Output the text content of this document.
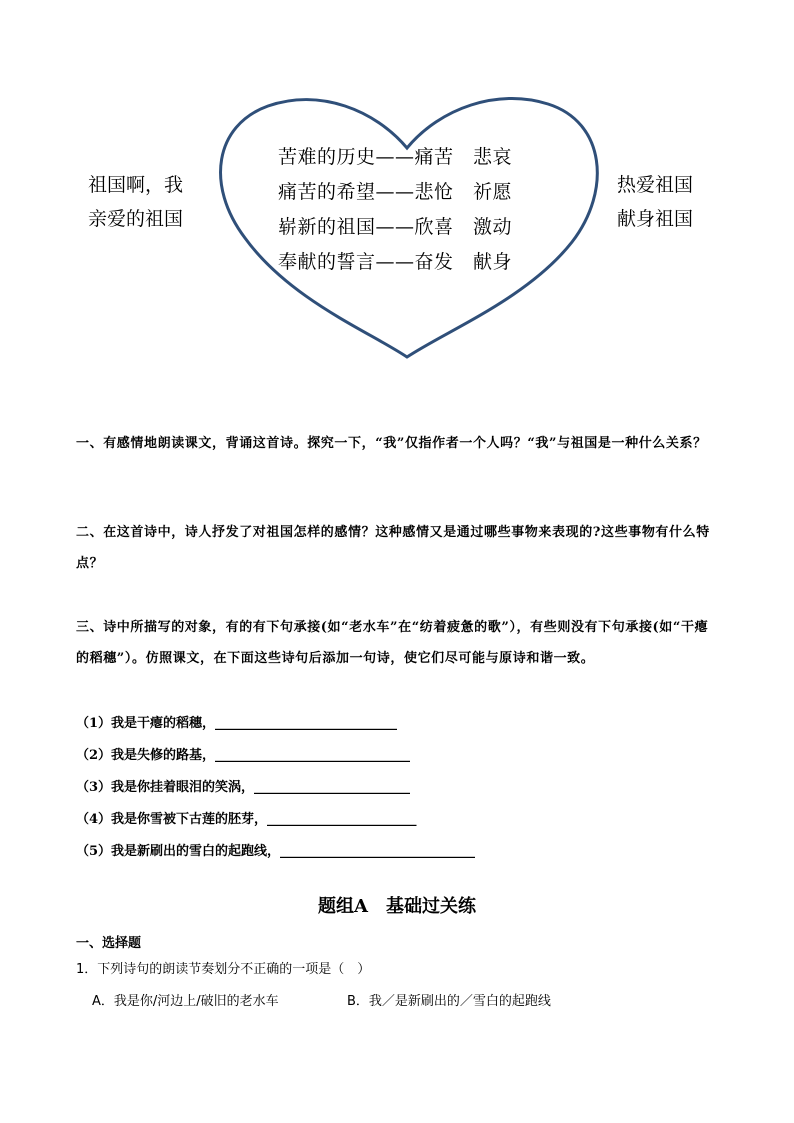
祖国啊，我
亲爱的祖国
热爱祖国
献身祖国
苦难的历史——痛苦　悲哀
痛苦的希望——悲怆　祈愿
崭新的祖国——欣喜　激动
奉献的誓言——奋发　献身
一、有感情地朗读课文，背诵这首诗。探究一下，“我”仅指作者一个人吗？“我”与祖国是一种什么关系？
二、在这首诗中，诗人抒发了对祖国怎样的感情？这种感情又是通过哪些事物来表现的?这些事物有什么特点？
三、诗中所描写的对象，有的有下句承接(如“老水车”在“纺着疲惫的歌”），有些则没有下句承接(如“干瘪的稻穗”）。仿照课文，在下面这些诗句后添加一句诗，使它们尽可能与原诗和谐一致。
（1）我是干瘪的稻穗，____________________________
（2）我是失修的路基，______________________________
（3）我是你挂着眼泪的笑涡，________________________
（4）我是你雪被下古莲的胚芽，_______________________
（5）我是新刷出的雪白的起跑线，______________________________
题组A　基础过关练
一、选择题
1．下列诗句的朗读节奏划分不正确的一项是（　）
A．我是你/河边上/破旧的老水车	B．我／是新刷出的／雪白的起跑线
